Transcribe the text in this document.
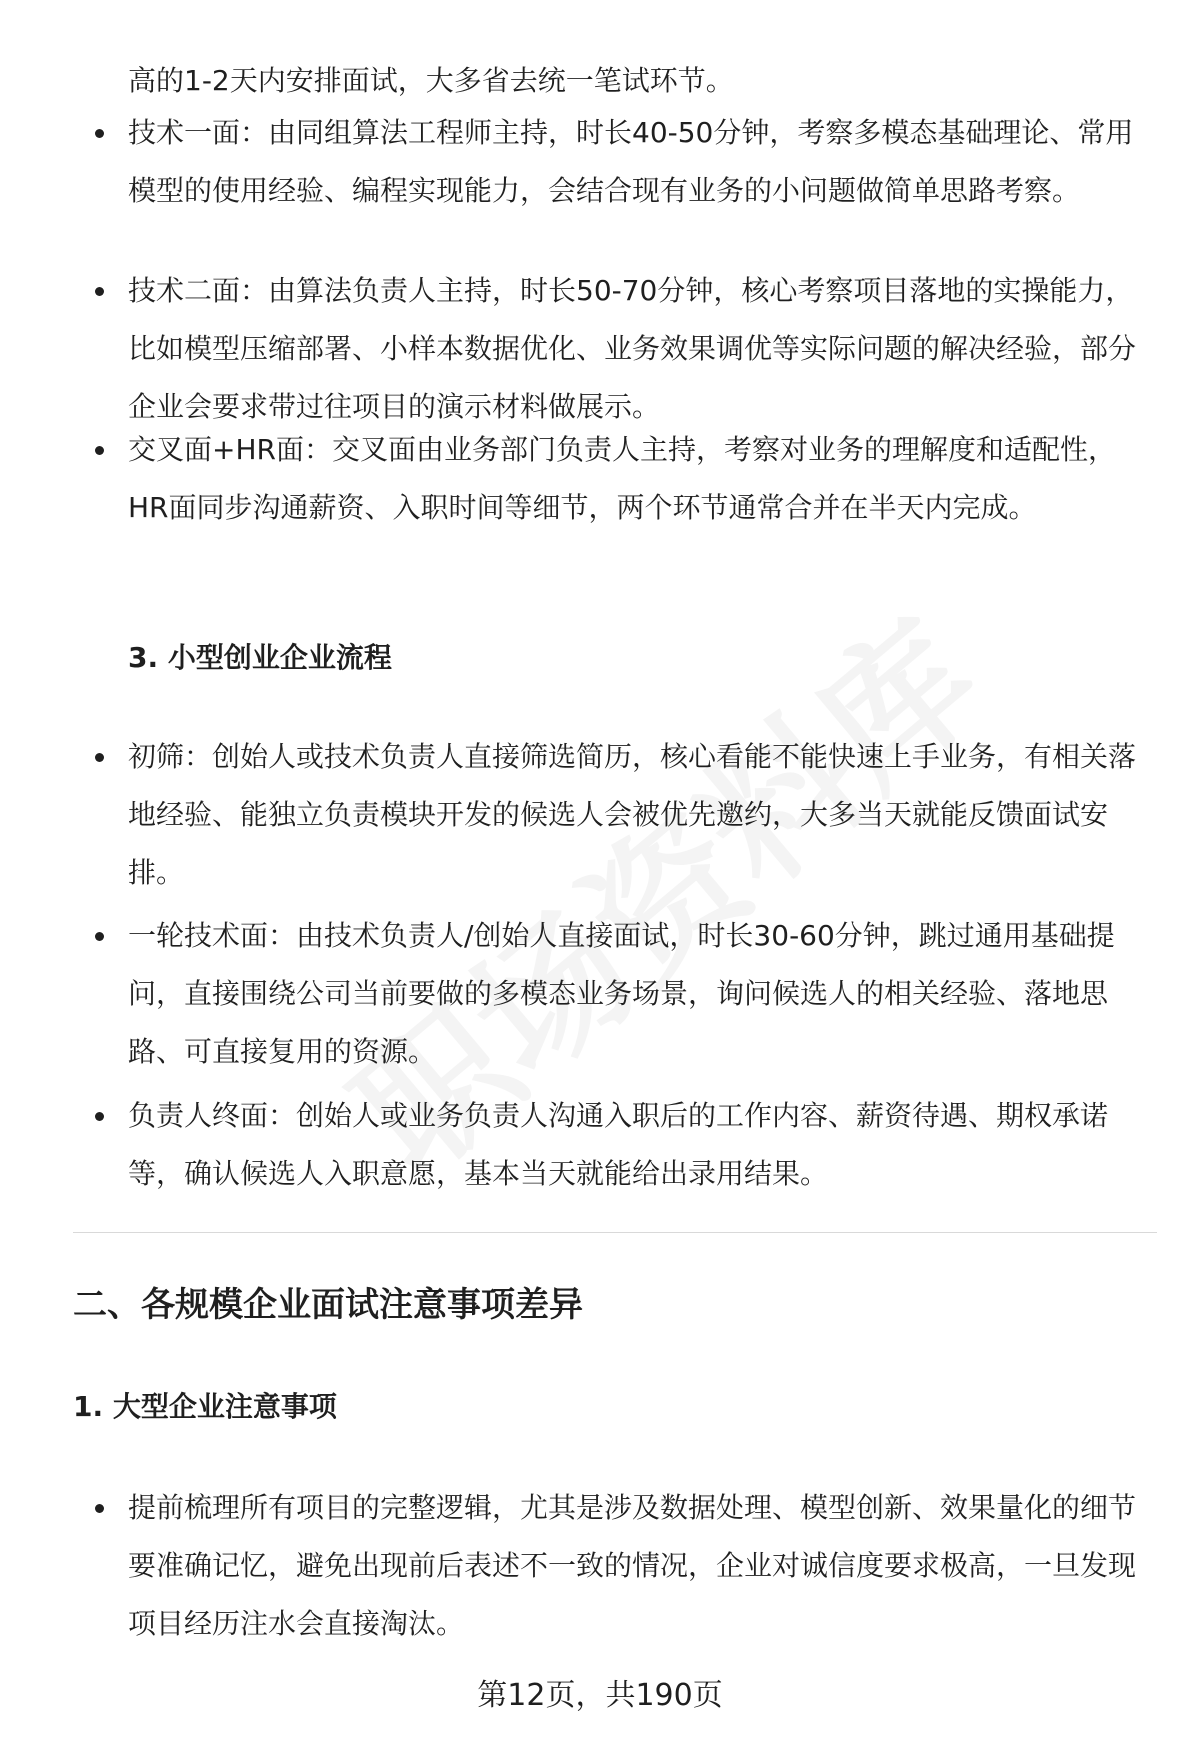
高的1-2天内安排面试，大多省去统一笔试环节。

技术一面：由同组算法工程师主持，时长40-50分钟，考察多模态基础理论、常用模型的使用经验、编程实现能力，会结合现有业务的小问题做简单思路考察。

技术二面：由算法负责人主持，时长50-70分钟，核心考察项目落地的实操能力，比如模型压缩部署、小样本数据优化、业务效果调优等实际问题的解决经验，部分企业会要求带过往项目的演示材料做展示。

交叉面+HR面：交叉面由业务部门负责人主持，考察对业务的理解度和适配性，HR面同步沟通薪资、入职时间等细节，两个环节通常合并在半天内完成。

3. 小型创业企业流程

初筛：创始人或技术负责人直接筛选简历，核心看能不能快速上手业务，有相关落地经验、能独立负责模块开发的候选人会被优先邀约，大多当天就能反馈面试安排。

一轮技术面：由技术负责人/创始人直接面试，时长30-60分钟，跳过通用基础提问，直接围绕公司当前要做的多模态业务场景，询问候选人的相关经验、落地思路、可直接复用的资源。

负责人终面：创始人或业务负责人沟通入职后的工作内容、薪资待遇、期权承诺等，确认候选人入职意愿，基本当天就能给出录用结果。

二、各规模企业面试注意事项差异

1. 大型企业注意事项

提前梳理所有项目的完整逻辑，尤其是涉及数据处理、模型创新、效果量化的细节要准确记忆，避免出现前后表述不一致的情况，企业对诚信度要求极高，一旦发现项目经历注水会直接淘汰。

第12页，共190页
